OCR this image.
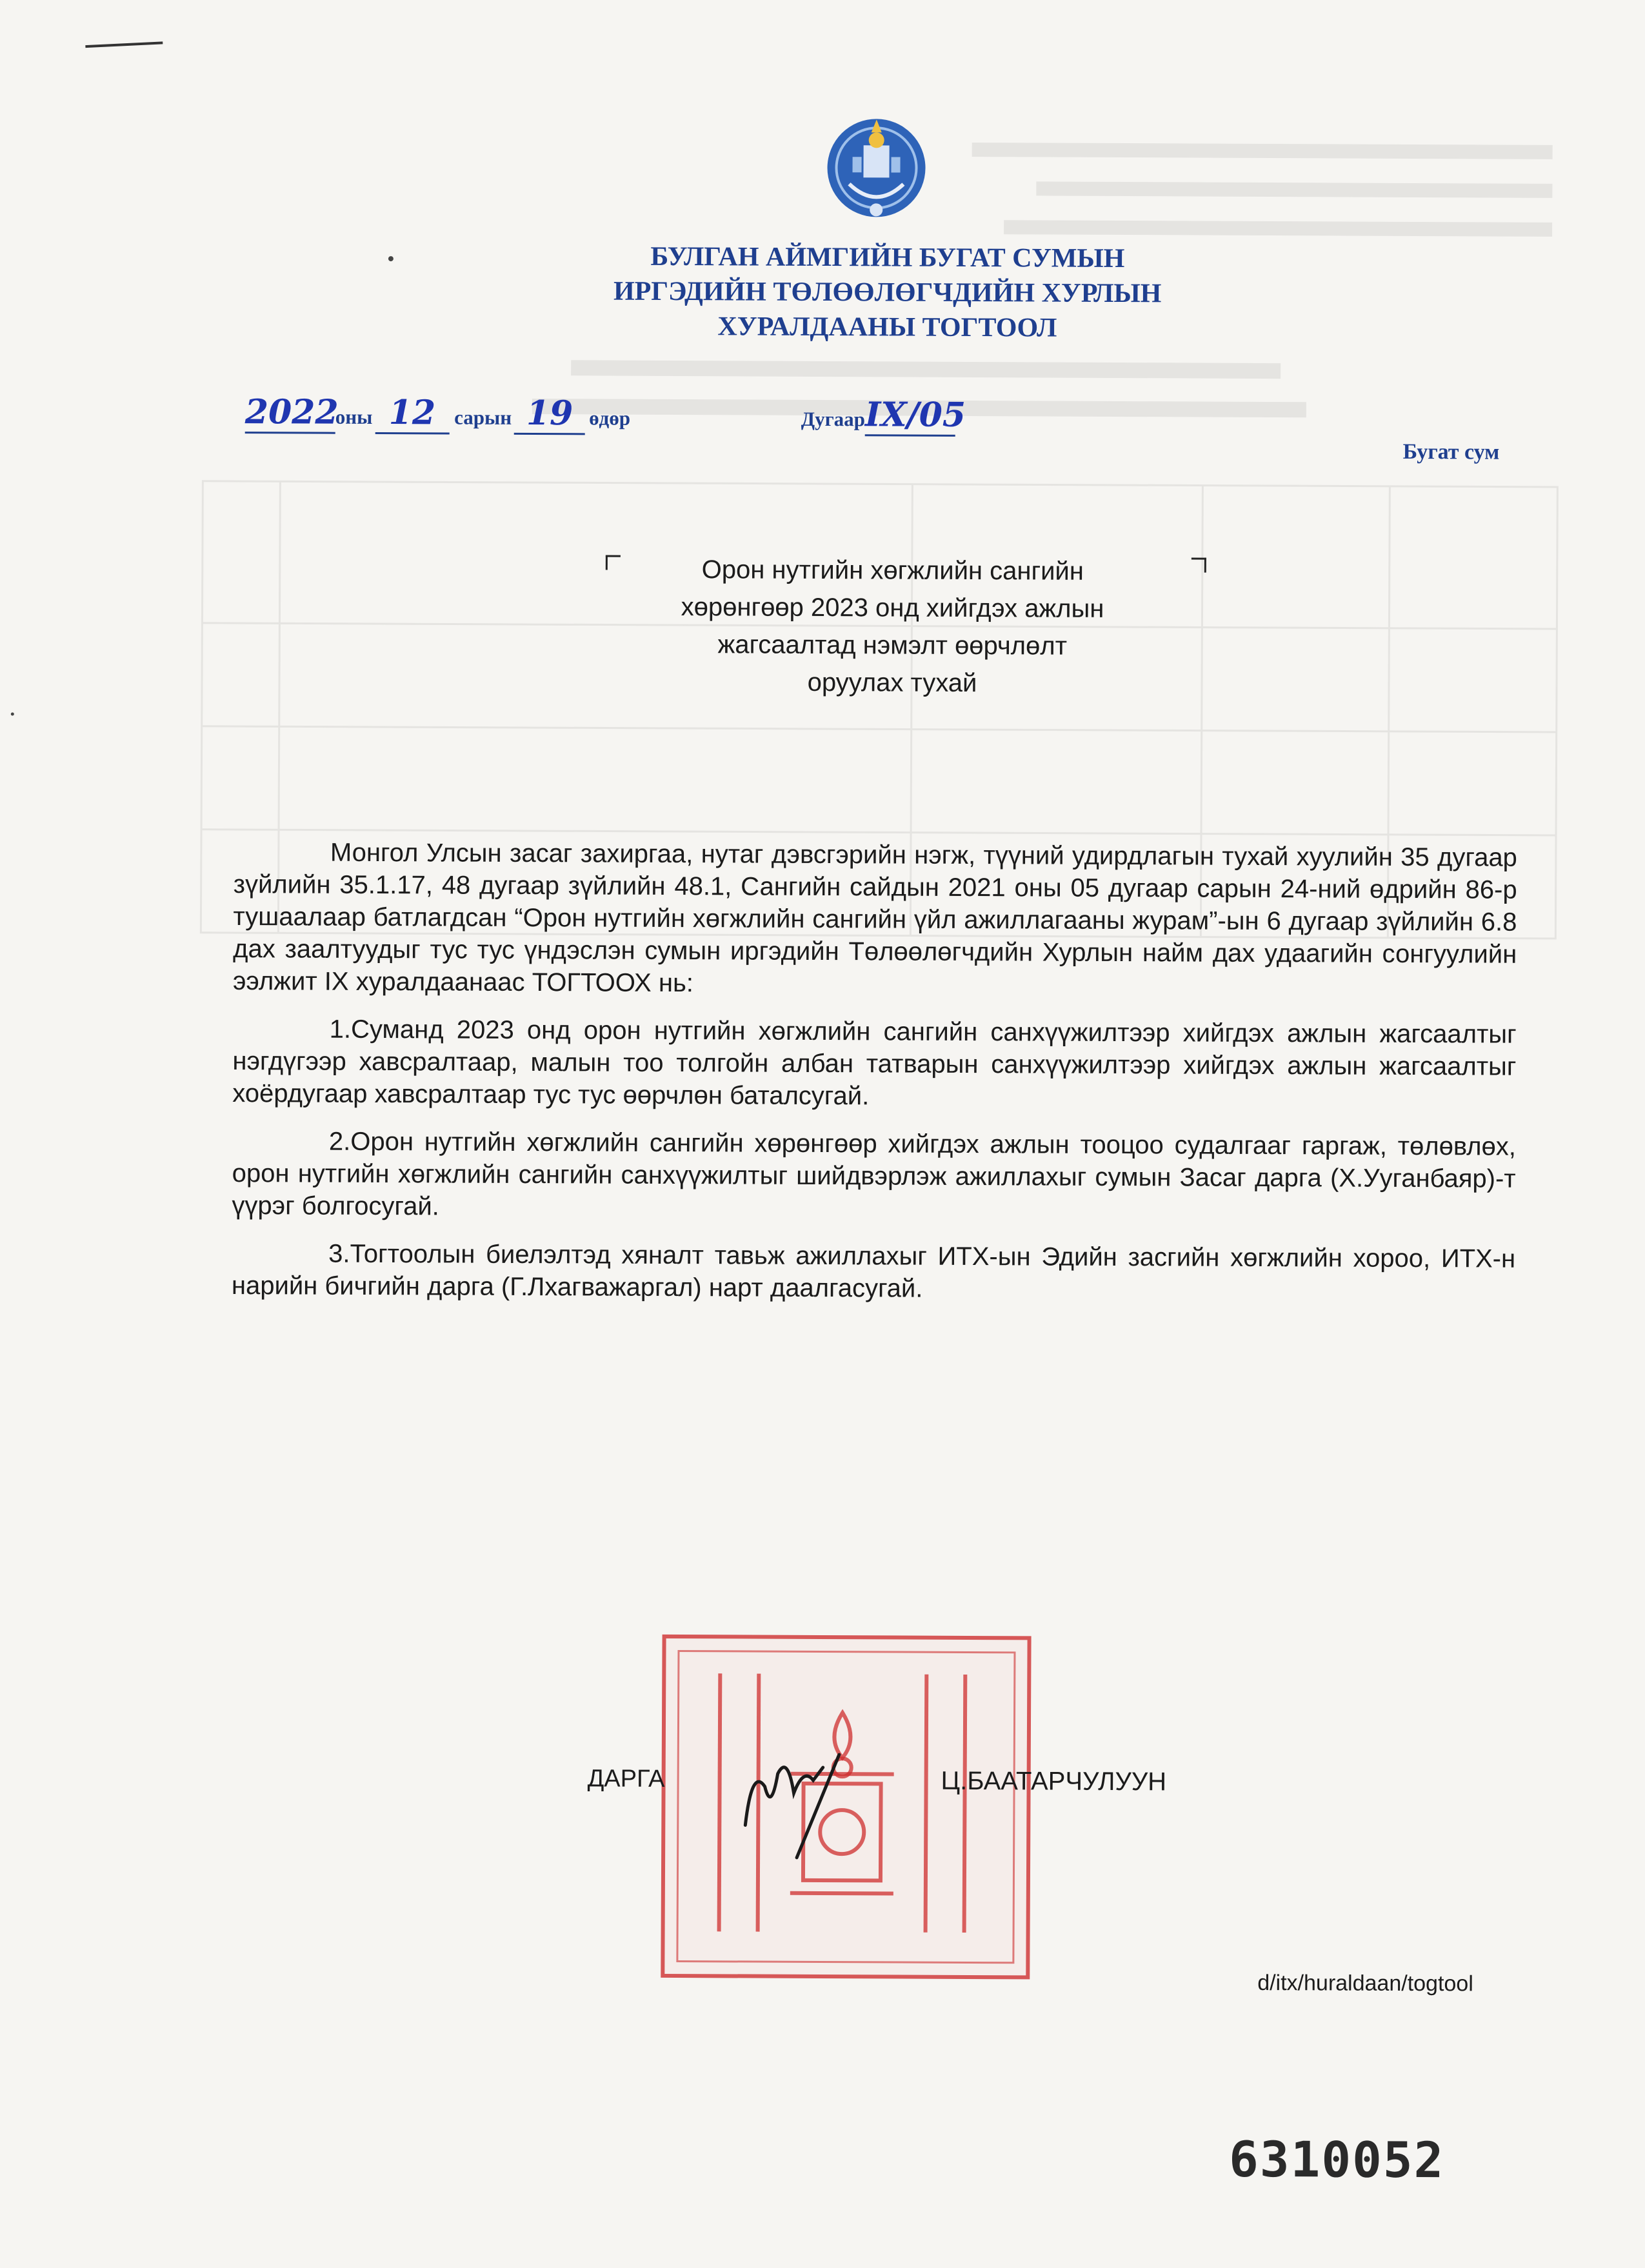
БУЛГАН АЙМГИЙН БУГАТ СУМЫН
ИРГЭДИЙН ТӨЛӨӨЛӨГЧДИЙН ХУРЛЫН
ХУРАЛДААНЫ ТОГТООЛ
2022оны 12 сарын 19 өдөр	ДугаарIX/05
Бугат сум
Орон нутгийн хөгжлийн сангийн
хөрөнгөөр 2023 онд хийгдэх ажлын
жагсаалтад нэмэлт өөрчлөлт
оруулах тухай

Монгол Улсын засаг захиргаа, нутаг дэвсгэрийн нэгж, түүний удирдлагын тухай хуулийн 35 дугаар зүйлийн 35.1.17, 48 дугаар зүйлийн 48.1, Сангийн сайдын 2021 оны 05 дугаар сарын 24-ний өдрийн 86-р тушаалаар батлагдсан “Орон нутгийн хөгжлийн сангийн үйл ажиллагааны журам”-ын 6 дугаар зүйлийн 6.8 дах заалтуудыг тус тус үндэслэн сумын иргэдийн Төлөөлөгчдийн Хурлын найм дах удаагийн сонгуулийн ээлжит IX хуралдаанаас ТОГТООХ нь:

1.Суманд 2023 онд орон нутгийн хөгжлийн сангийн санхүүжилтээр хийгдэх ажлын жагсаалтыг нэгдүгээр хавсралтаар, малын тоо толгойн албан татварын санхүүжилтээр хийгдэх ажлын жагсаалтыг хоёрдугаар хавсралтаар тус тус өөрчлөн баталсугай.

2.Орон нутгийн хөгжлийн сангийн хөрөнгөөр хийгдэх ажлын тооцоо судалгааг гаргаж, төлөвлөх, орон нутгийн хөгжлийн сангийн санхүүжилтыг шийдвэрлэж ажиллахыг сумын Засаг дарга (Х.Ууганбаяр)-т үүрэг болгосугай.

3.Тогтоолын биелэлтэд хяналт тавьж ажиллахыг ИТХ-ын Эдийн засгийн хөгжлийн хороо, ИТХ-н нарийн бичгийн дарга (Г.Лхагважаргал) нарт даалгасугай.

ДАРГА	Ц.БААТАРЧУЛУУН
d/itx/huraldaan/togtool
6310052
